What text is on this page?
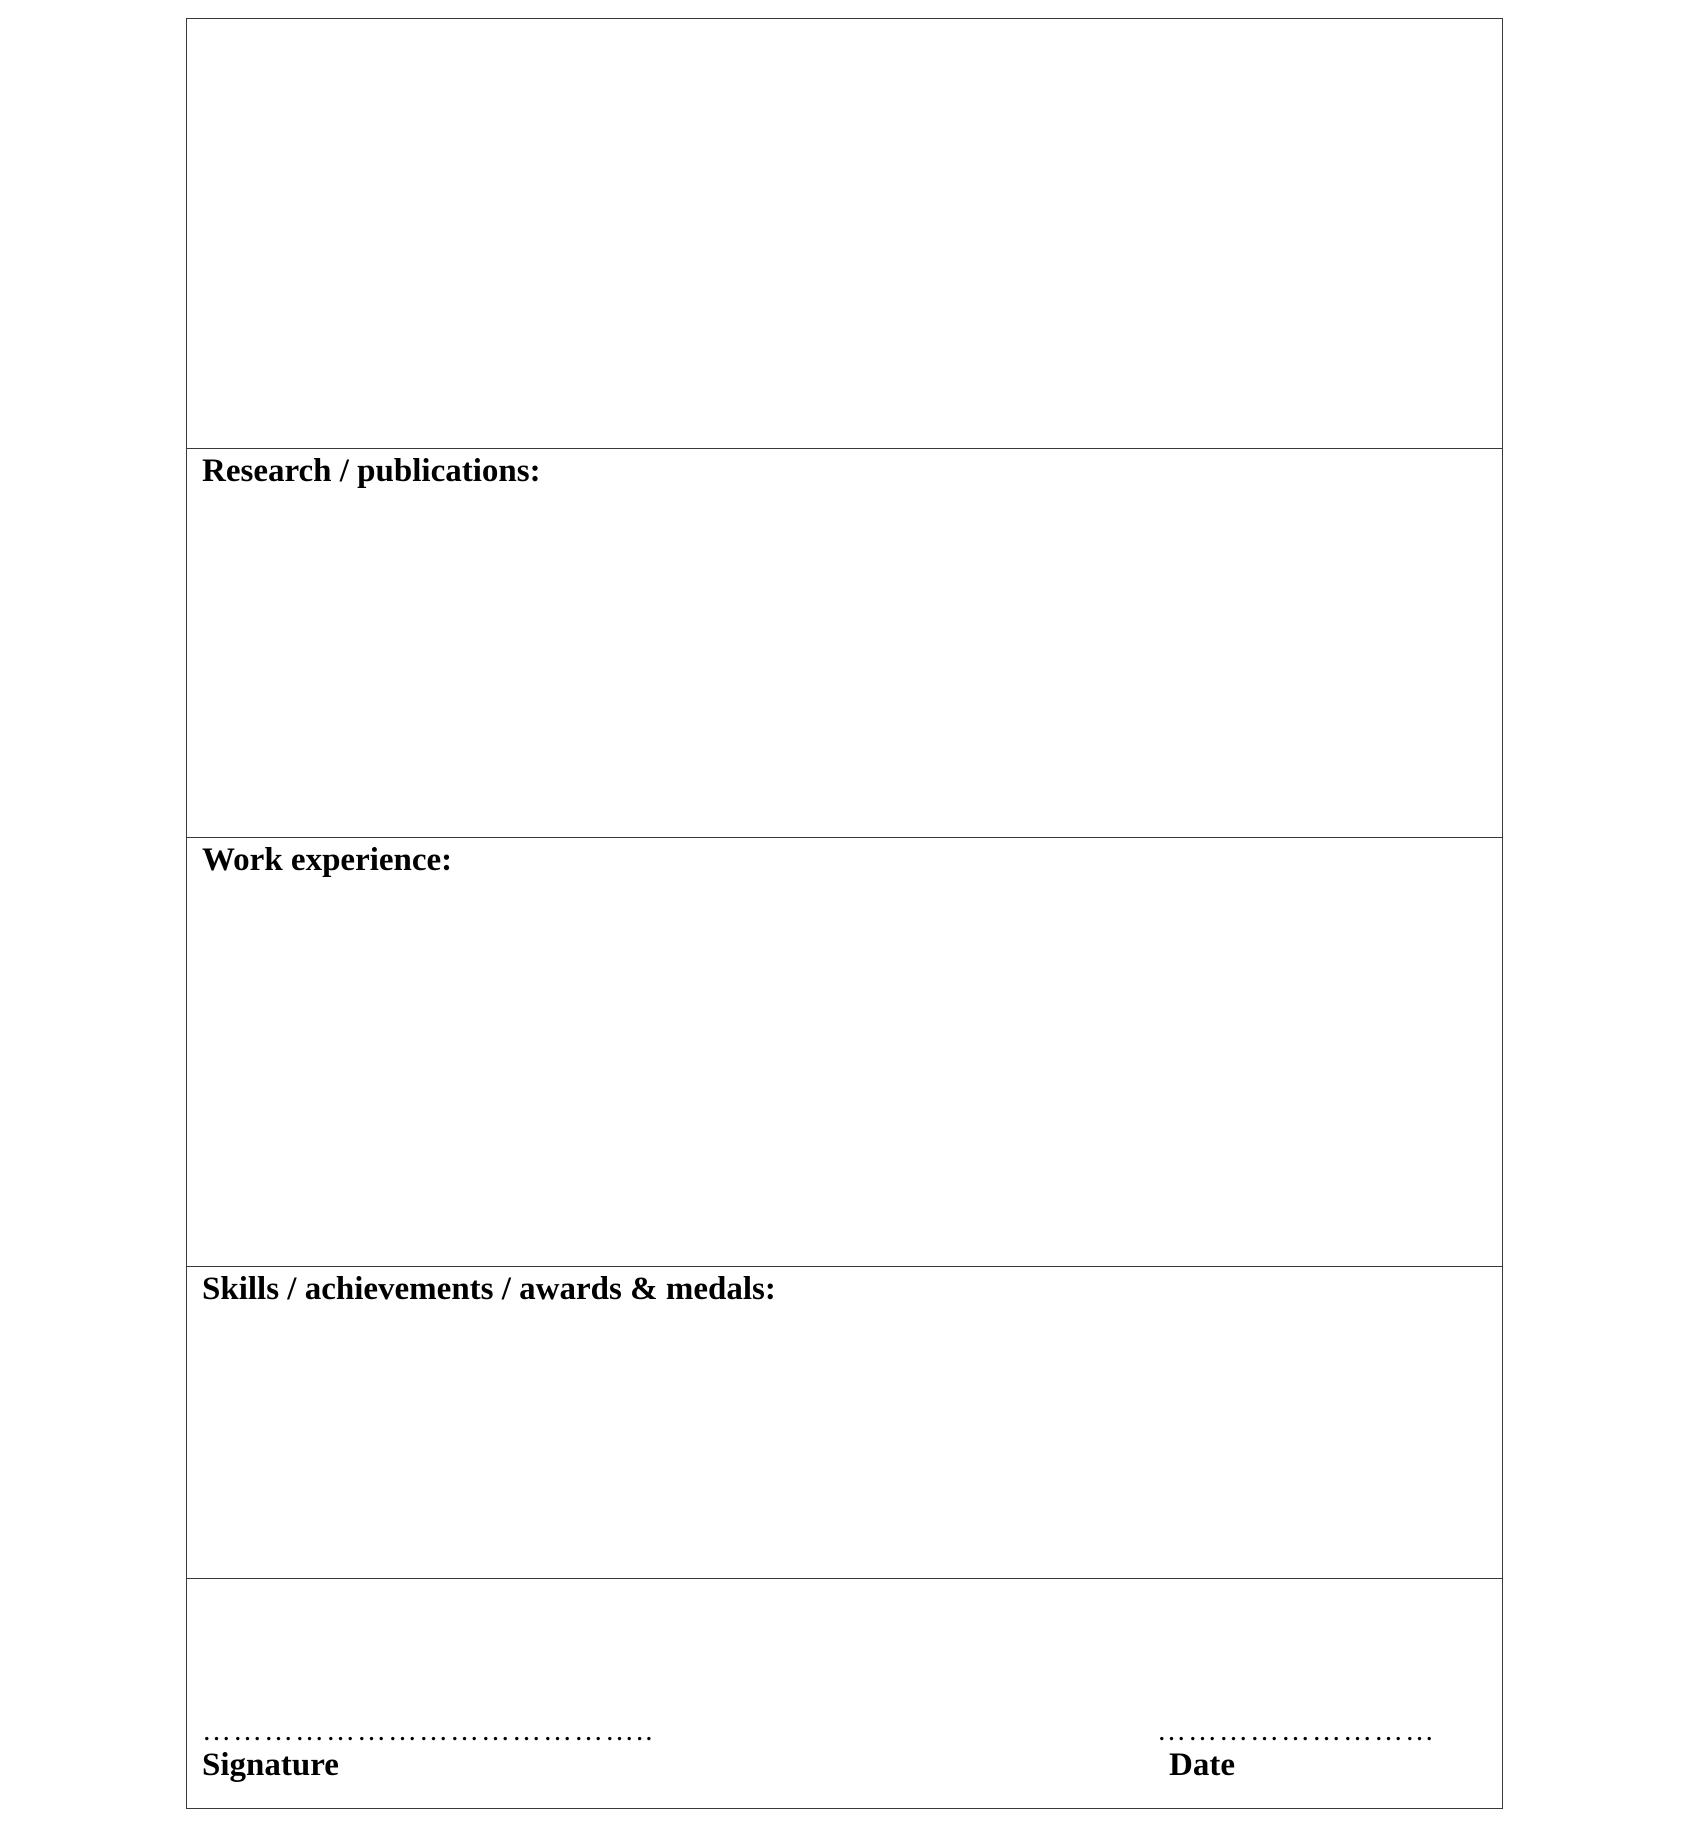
Research / publications:
Work experience:
Skills / achievements / awards & medals:
……………………………………..
Signature
………………………
Date
